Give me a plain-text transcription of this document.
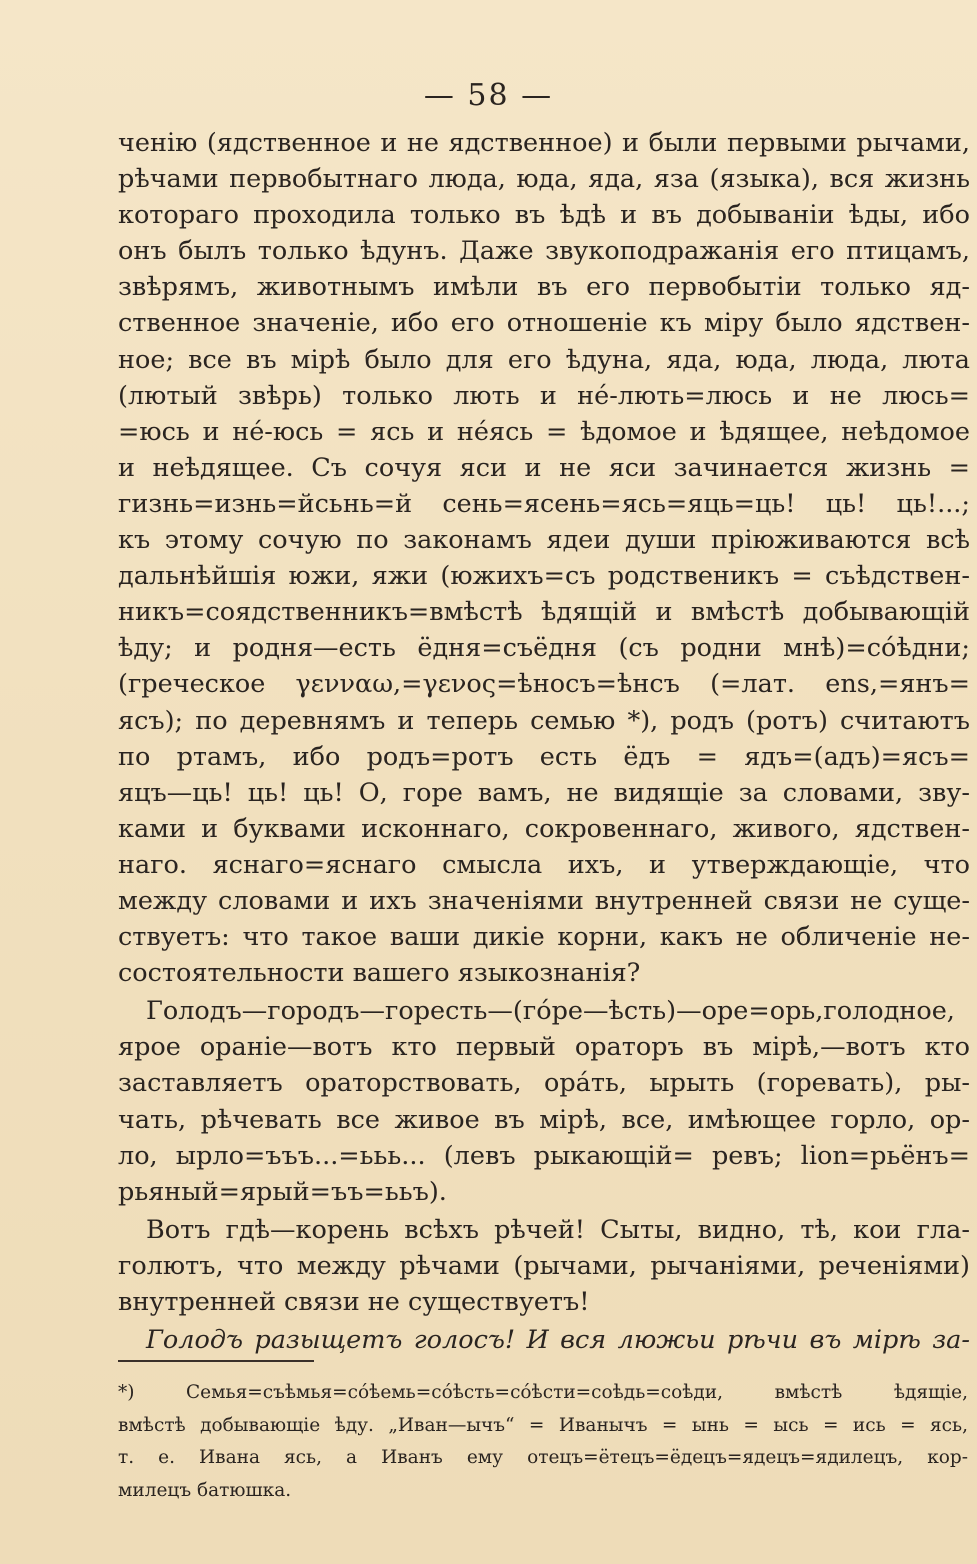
— 58 —
ченію (ядственное и не ядственное) и были первыми рычами,
рѣчами первобытнаго люда, юда, яда, яза (языка), вся жизнь
котораго проходила только въ ѣдѣ и въ добываніи ѣды, ибо
онъ былъ только ѣдунъ. Даже звукоподражанія его птицамъ,
звѣрямъ, животнымъ имѣли въ его первобытіи только яд-
ственное значеніе, ибо его отношеніе къ міру было ядствен-
ное; все въ мірѣ было для его ѣдуна, яда, юда, люда, люта
(лютый звѣрь) только лють и нé-лють=люсь и не люсь=
=юсь и нé-юсь = ясь и нéясь = ѣдомое и ѣдящее, неѣдомое
и неѣдящее. Съ сочуя яси и не яси зачинается жизнь =
гизнь=изнь=йсьнь=й сень=ясень=ясь=яць=ць! ць! ць!...;
къ этому сочую по законамъ ядеи души пріюживаются всѣ
дальнѣйшія южи, яжи (южихъ=съ родственикъ = съѣдствен-
никъ=соядственникъ=вмѣстѣ ѣдящій и вмѣстѣ добывающій
ѣду; и родня—есть ёдня=съёдня (съ родни мнѣ)=сóѣдни;
(греческое γενναω,=γενος=ѣносъ=ѣнсъ (=лат. ens,=янъ=
ясъ); по деревнямъ и теперь семью *), родъ (ротъ) считаютъ
по ртамъ, ибо родъ=ротъ есть ёдъ = ядъ=(адъ)=ясъ=
яцъ—ць! ць! ць! О, горе вамъ, не видящіе за словами, зву-
ками и буквами исконнаго, сокровеннаго, живого, ядствен-
наго. яснаго=яснаго смысла ихъ, и утверждающіе, что
между словами и ихъ значеніями внутренней связи не суще-
ствуетъ: что такое ваши дикіе корни, какъ не обличеніе не-
состоятельности вашего языкознанія?
Голодъ—городъ—горесть—(гóре—ѣсть)—оре=орь,голодное,
ярое ораніе—вотъ кто первый ораторъ въ мірѣ,—вотъ кто
заставляетъ ораторствовать, орáть, ырыть (горевать), ры-
чать, рѣчевать все живое въ мірѣ, все, имѣющее горло, ор-
ло, ырло=ъъъ...=ььь... (левъ рыкающій= ревъ; lion=рьёнъ=
рьяный=ярый=ъъ=ььъ).
Вотъ гдѣ—корень всѣхъ рѣчей! Сыты, видно, тѣ, кои гла-
голютъ, что между рѣчами (рычами, рычаніями, реченіями)
внутренней связи не существуетъ!
Голодъ разыщетъ голосъ! И вся люжьи рѣчи въ мірѣ за-
*) Семья=съѣмья=сóѣемь=сóѣсть=сóѣсти=соѣдь=соѣди, вмѣстѣ ѣдящіе,
вмѣстѣ добывающіе ѣду. „Иван—ычъ“ = Иванычъ = ынь = ысь = ись = ясь,
т. е. Ивана ясь, а Иванъ ему отецъ=ётецъ=ёдецъ=ядецъ=ядилецъ, кор-
милецъ батюшка.
